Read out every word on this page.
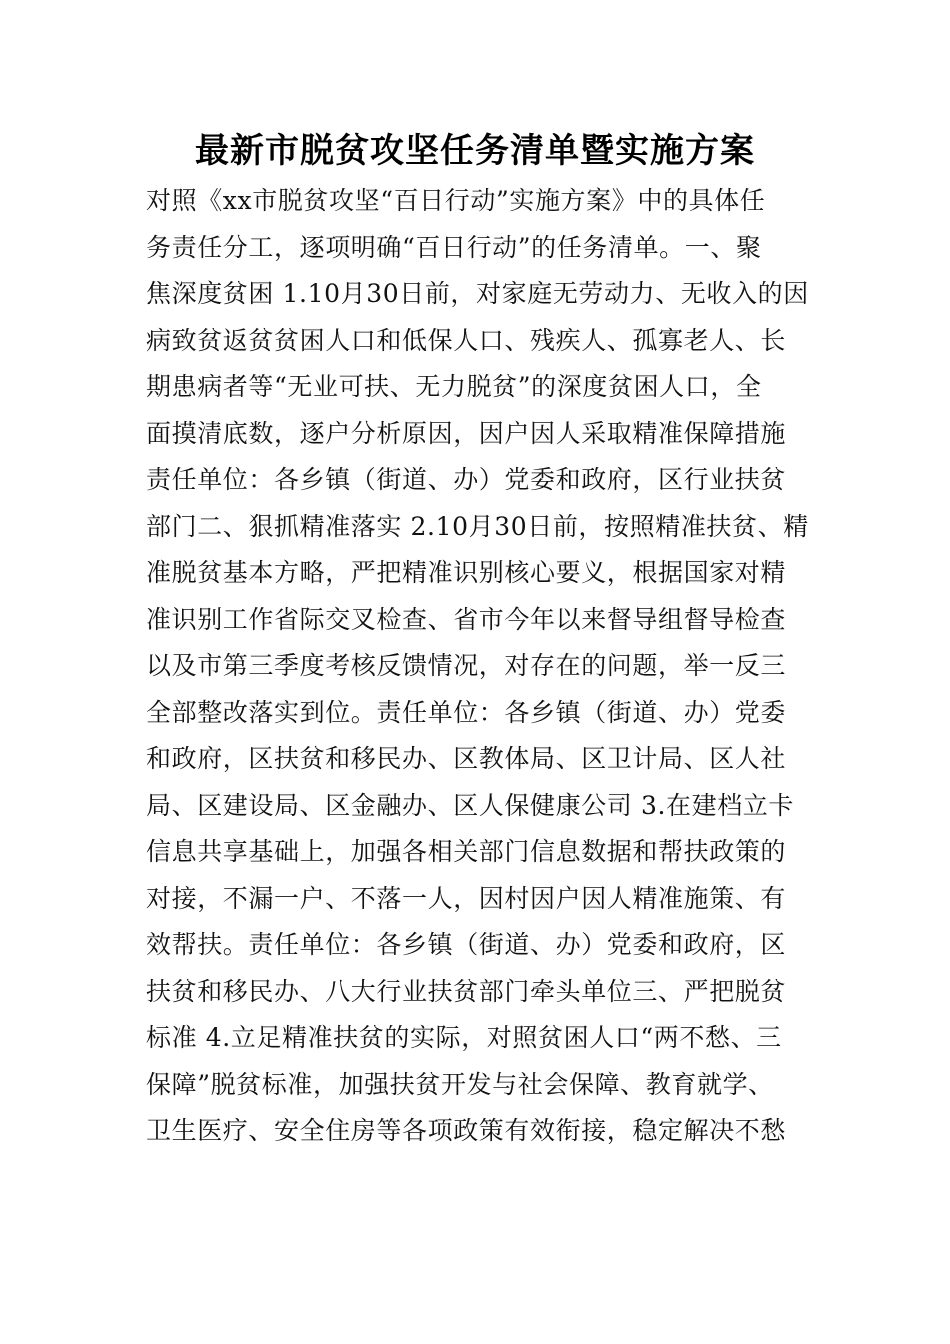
最新市脱贫攻坚任务清单暨实施方案
对照《xx市脱贫攻坚“百日行动”实施方案》中的具体任
务责任分工，逐项明确“百日行动”的任务清单。一、聚
焦深度贫困 1.10月30日前，对家庭无劳动力、无收入的因
病致贫返贫贫困人口和低保人口、残疾人、孤寡老人、长
期患病者等“无业可扶、无力脱贫”的深度贫困人口，全
面摸清底数，逐户分析原因，因户因人采取精准保障措施
责任单位：各乡镇（街道、办）党委和政府，区行业扶贫
部门二、狠抓精准落实 2.10月30日前，按照精准扶贫、精
准脱贫基本方略，严把精准识别核心要义，根据国家对精
准识别工作省际交叉检查、省市今年以来督导组督导检查
以及市第三季度考核反馈情况，对存在的问题，举一反三
全部整改落实到位。责任单位：各乡镇（街道、办）党委
和政府，区扶贫和移民办、区教体局、区卫计局、区人社
局、区建设局、区金融办、区人保健康公司 3.在建档立卡
信息共享基础上，加强各相关部门信息数据和帮扶政策的
对接，不漏一户、不落一人，因村因户因人精准施策、有
效帮扶。责任单位：各乡镇（街道、办）党委和政府，区
扶贫和移民办、八大行业扶贫部门牵头单位三、严把脱贫
标准 4.立足精准扶贫的实际，对照贫困人口“两不愁、三
保障”脱贫标准，加强扶贫开发与社会保障、教育就学、
卫生医疗、安全住房等各项政策有效衔接，稳定解决不愁
